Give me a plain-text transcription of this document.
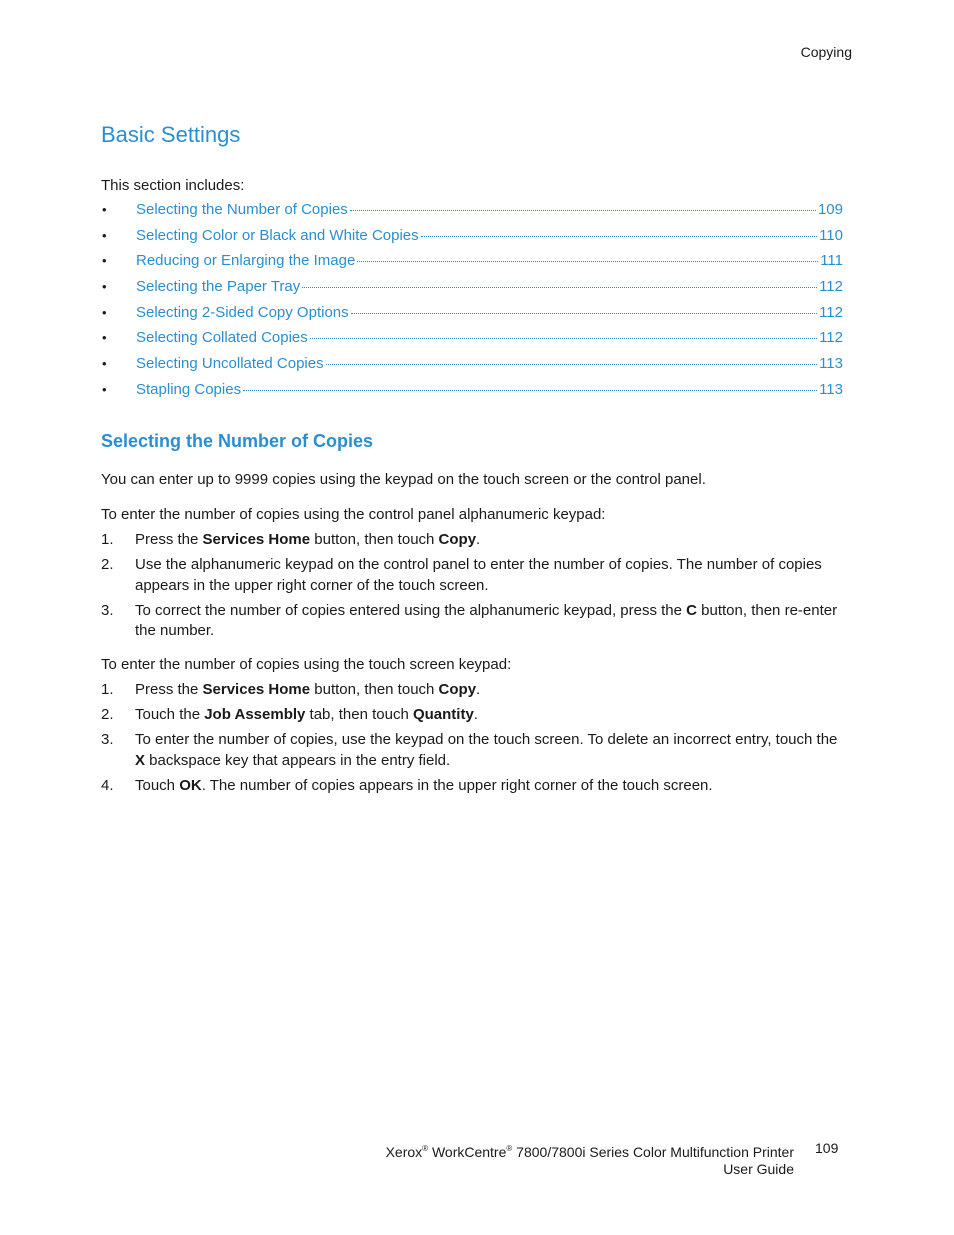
Copying
Basic Settings
This section includes:
•	Selecting the Number of Copies	109
•	Selecting Color or Black and White Copies	110
•	Reducing or Enlarging the Image	111
•	Selecting the Paper Tray	112
•	Selecting 2-Sided Copy Options	112
•	Selecting Collated Copies	112
•	Selecting Uncollated Copies	113
•	Stapling Copies	113
Selecting the Number of Copies

You can enter up to 9999 copies using the keypad on the touch screen or the control panel.

To enter the number of copies using the control panel alphanumeric keypad:

1.	Press the Services Home button, then touch Copy.
2.	Use the alphanumeric keypad on the control panel to enter the number of copies. The number of copies appears in the upper right corner of the touch screen.
3.	To correct the number of copies entered using the alphanumeric keypad, press the C button, then re-enter the number.

To enter the number of copies using the touch screen keypad:

1.	Press the Services Home button, then touch Copy.
2.	Touch the Job Assembly tab, then touch Quantity.
3.	To enter the number of copies, use the keypad on the touch screen. To delete an incorrect entry, touch the X backspace key that appears in the entry field.
4.	Touch OK. The number of copies appears in the upper right corner of the touch screen.
Xerox® WorkCentre® 7800/7800i Series Color Multifunction Printer
User Guide
109
